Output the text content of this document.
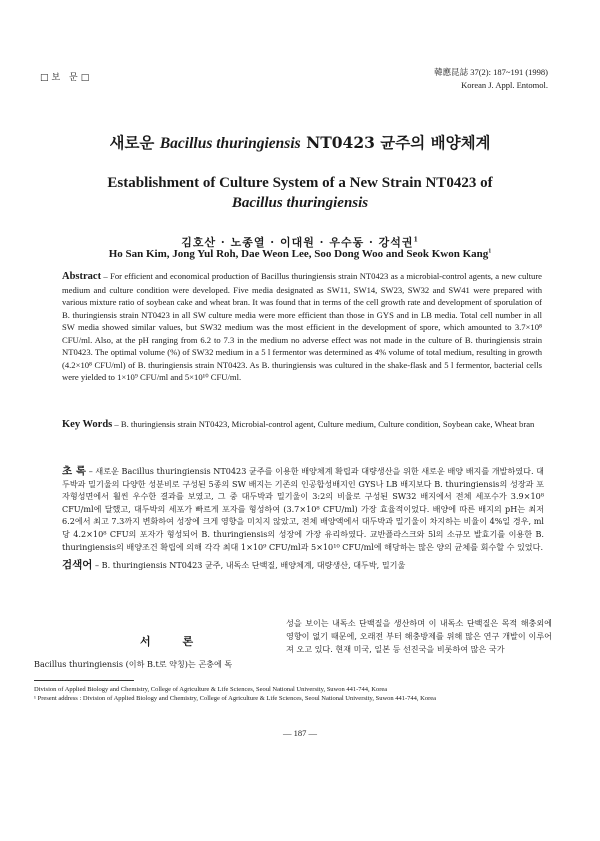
□보 문□
韓應昆誌 37(2): 187~191 (1998)
Korean J. Appl. Entomol.
새로운 Bacillus thuringiensis NT0423 균주의 배양체계
Establishment of Culture System of a New Strain NT0423 of
Bacillus thuringiensis
김호산 · 노종열 · 이대원 · 우수동 · 강석권$^1$
Ho San Kim, Jong Yul Roh, Dae Weon Lee, Soo Dong Woo and Seok Kwon Kang$^1$
Abstract – For efficient and economical production of Bacillus thuringiensis strain NT0423 as a microbial-control agents, a new culture medium and culture condition were developed. Five media designated as SW11, SW14, SW23, SW32 and SW41 were prepared with various mixture ratio of soybean cake and wheat bran. It was found that in terms of the cell growth rate and development of sporulation of B. thuringiensis strain NT0423 in all SW culture media were more efficient than those in GYS and in LB media. Total cell number in all SW media showed similar values, but SW32 medium was the most efficient in the development of spore, which amounted to 3.7×10⁸ CFU/ml. Also, at the pH ranging from 6.2 to 7.3 in the medium no adverse effect was not made in the culture of B. thuringiensis strain NT0423. The optimal volume (%) of SW32 medium in a 5 l fermentor was determined as 4% volume of total medium, resulting in growth (4.2×10⁸ CFU/ml) of B. thuringiensis strain NT0423. As B. thuringiensis was cultured in the shake-flask and 5 l fermentor, bacterial cells were yielded to 1×10⁹ CFU/ml and 5×10¹⁰ CFU/ml.
Key Words – B. thuringiensis strain NT0423, Microbial-control agent, Culture medium, Culture condition, Soybean cake, Wheat bran
초 록 – 새로운 Bacillus thuringiensis NT0423 균주를 이용한 배양체계 확립과 대량생산을 위한 새로운 배양 배지를 개발하였다. 대두박과 밀기울의 다양한 성분비로 구성된 5종의 SW 배지는 기존의 인공합성배지인 GYS나 LB 배지보다 B. thuringiensis의 성장과 포자형성면에서 훨씬 우수한 결과를 보였고, 그 중 대두박과 밀기울이 3:2의 비율로 구성된 SW32 배지에서 전체 세포수가 3.9×10⁸ CFU/ml에 달했고, 대두박의 세포가 빠르게 포자를 형성하여 (3.7×10⁸ CFU/ml) 가장 효율적이었다. 배양에 따른 배지의 pH는 최저 6.2에서 최고 7.3까지 변화하여 성장에 크게 영향을 미치지 않았고, 전체 배양액에서 대두박과 밀기울이 차지하는 비율이 4%일 경우, ml당 4.2×10⁸ CFU의 포자가 형성되어 B. thuringiensis의 성장에 가장 유리하였다. 교반플라스크와 5l의 소규모 발효기를 이용한 B. thuringiensis의 배양조건 확립에 의해 각각 최대 1×10⁹ CFU/ml과 5×10¹⁰ CFU/ml에 해당하는 많은 양의 균체를 회수할 수 있었다.
검색어 – B. thuringiensis NT0423 균주, 내독소 단백질, 배양체계, 대량생산, 대두박, 밀기울
서 론
Bacillus thuringiensis (이하 B.t로 약칭)는 곤충에 독
성을 보이는 내독소 단백질을 생산하며 이 내독소 단백질은 목적 해충외에 영향이 없기 때문에, 오래전 부터 해충방제를 위해 많은 연구 개발이 이루어져 오고 있다. 현재 미국, 일본 등 선진국을 비롯하여 많은 국가
Division of Applied Biology and Chemistry, College of Agriculture & Life Sciences, Seoul National University, Suwon 441-744, Korea
¹ Present address : Division of Applied Biology and Chemistry, College of Agriculture & Life Sciences, Seoul National University, Suwon 441-744, Korea
— 187 —
